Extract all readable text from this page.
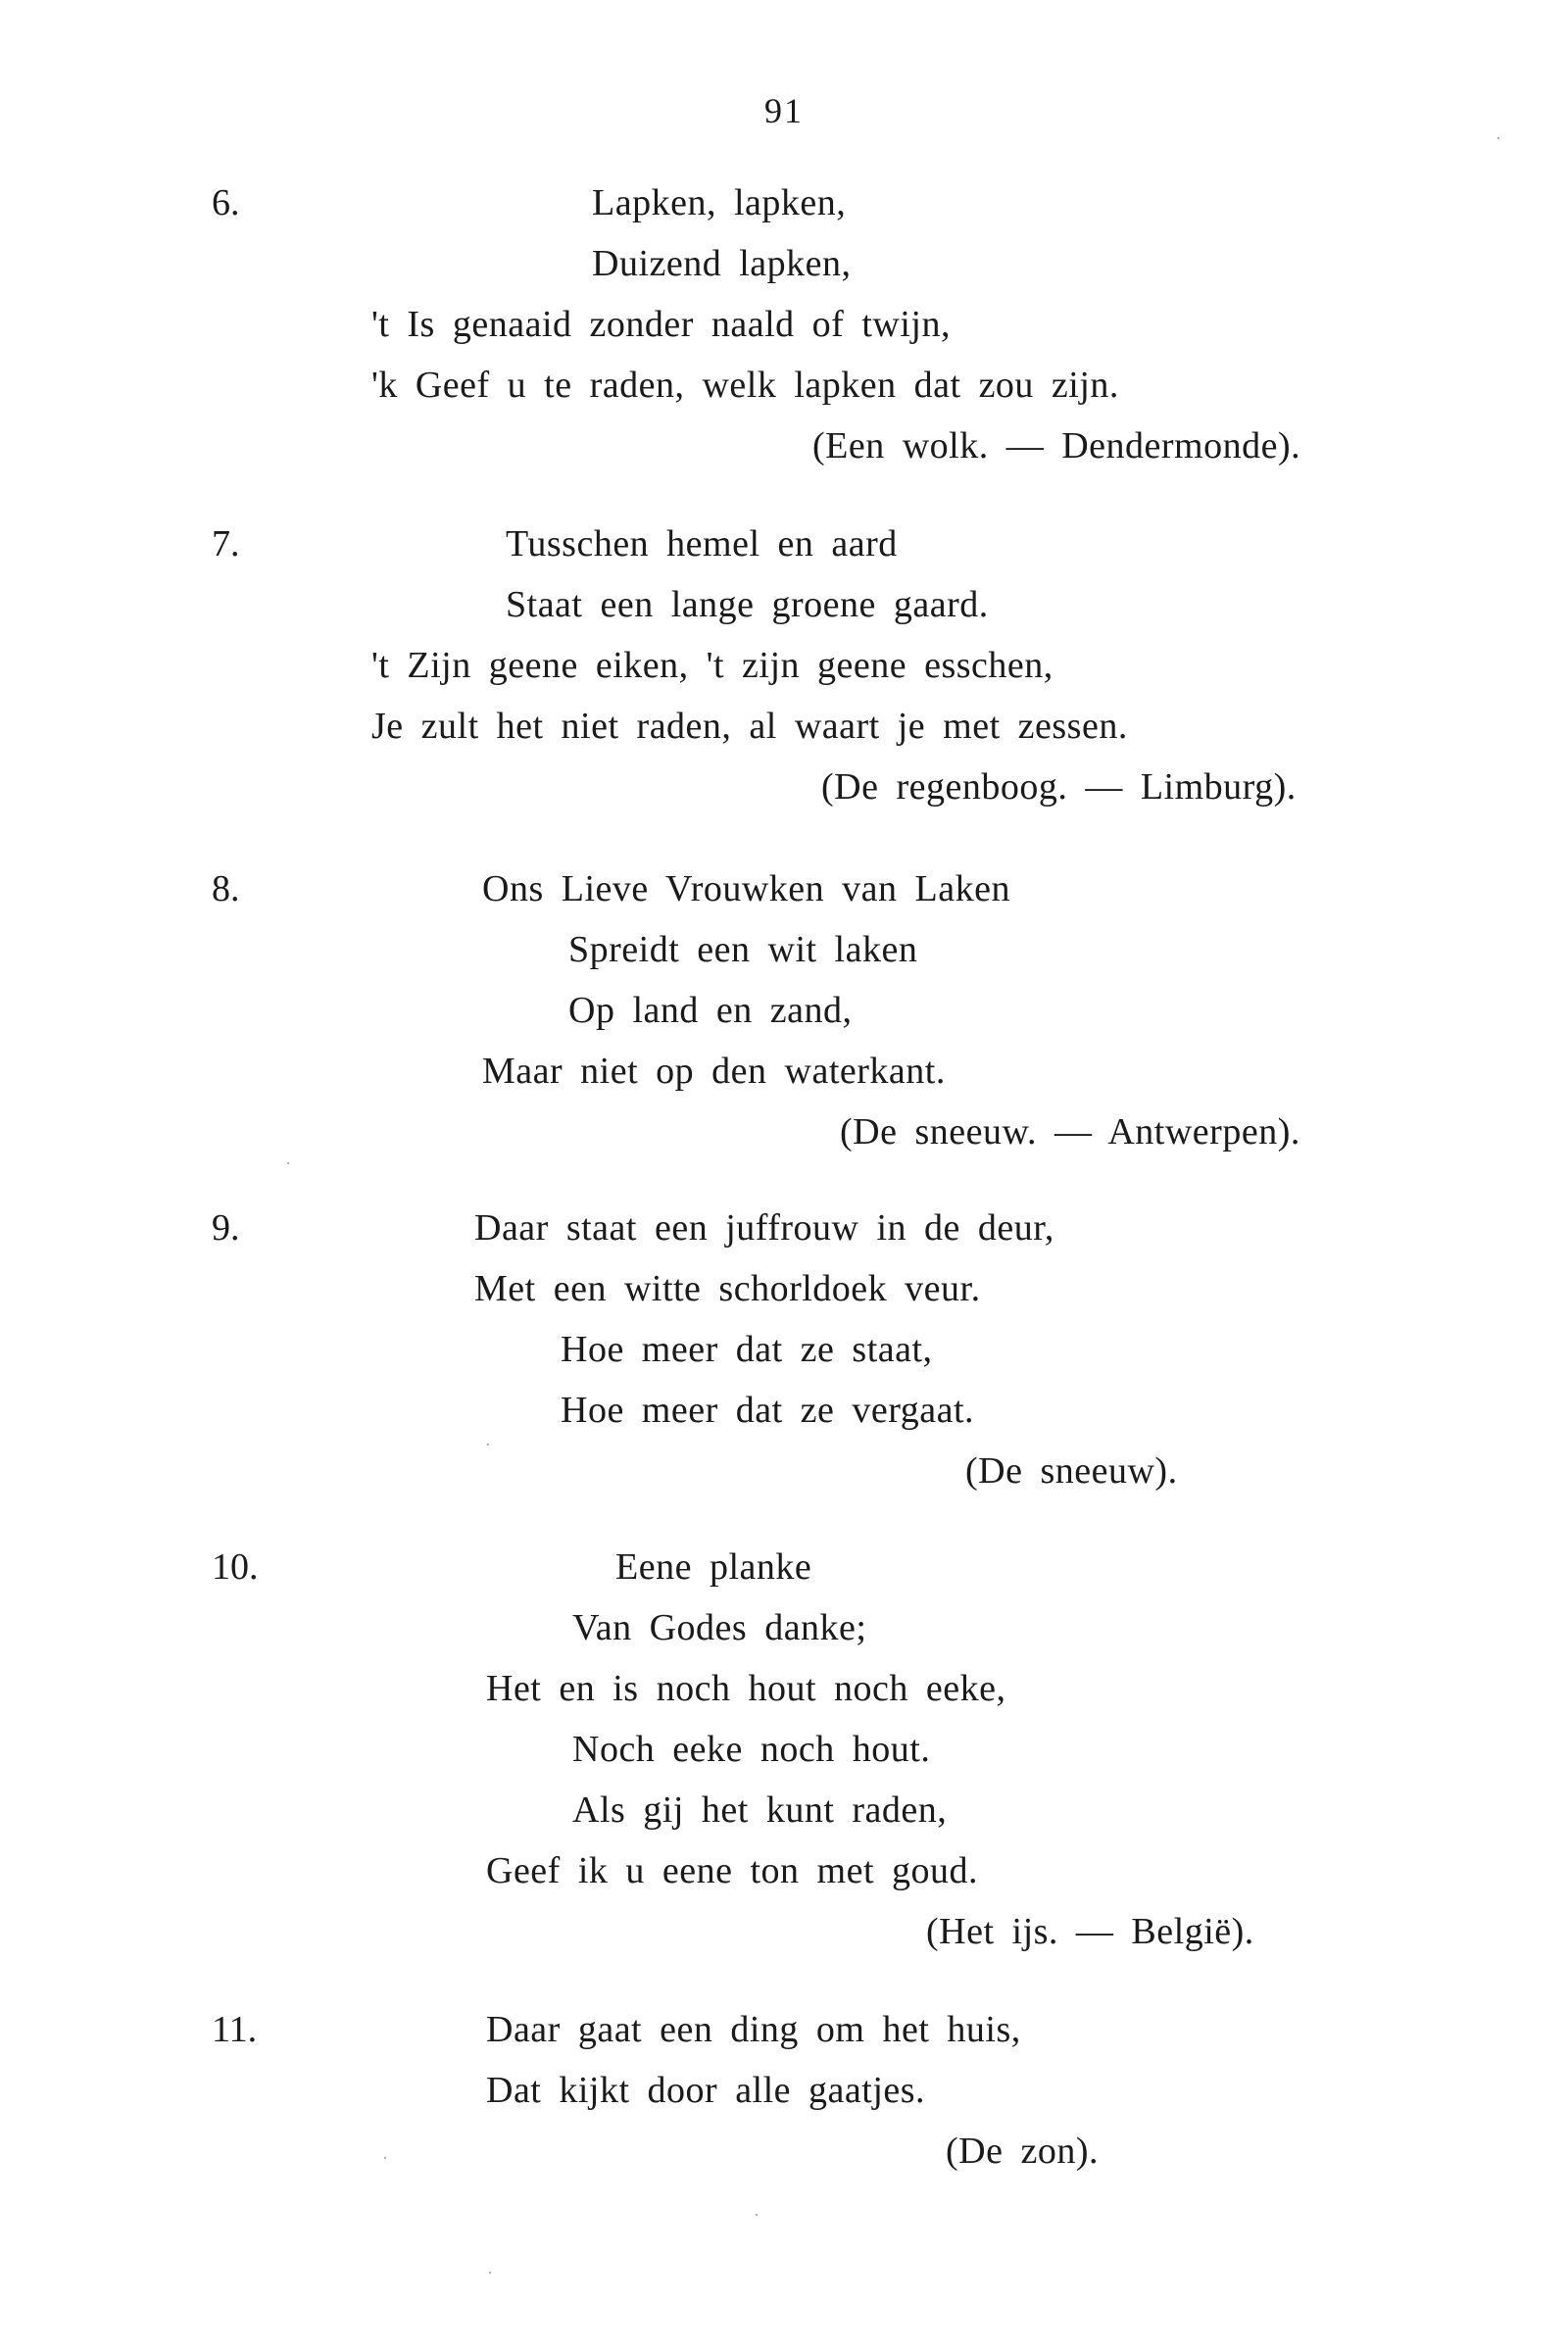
91
6.	Lapken, lapken,
Duizend lapken,
't Is genaaid zonder naald of twijn,
'k Geef u te raden, welk lapken dat zou zijn.
(Een wolk. — Dendermonde).
7.	Tusschen hemel en aard
Staat een lange groene gaard.
't Zijn geene eiken, 't zijn geene esschen,
Je zult het niet raden, al waart je met zessen.
(De regenboog. — Limburg).
8.	Ons Lieve Vrouwken van Laken
Spreidt een wit laken
Op land en zand,
Maar niet op den waterkant.
(De sneeuw. — Antwerpen).
9.	Daar staat een juffrouw in de deur,
Met een witte schorldoek veur.
Hoe meer dat ze staat,
Hoe meer dat ze vergaat.
(De sneeuw).
10.	Eene planke
Van Godes danke;
Het en is noch hout noch eeke,
Noch eeke noch hout.
Als gij het kunt raden,
Geef ik u eene ton met goud.
(Het ijs. — België).
11.	Daar gaat een ding om het huis,
Dat kijkt door alle gaatjes.
(De zon).
